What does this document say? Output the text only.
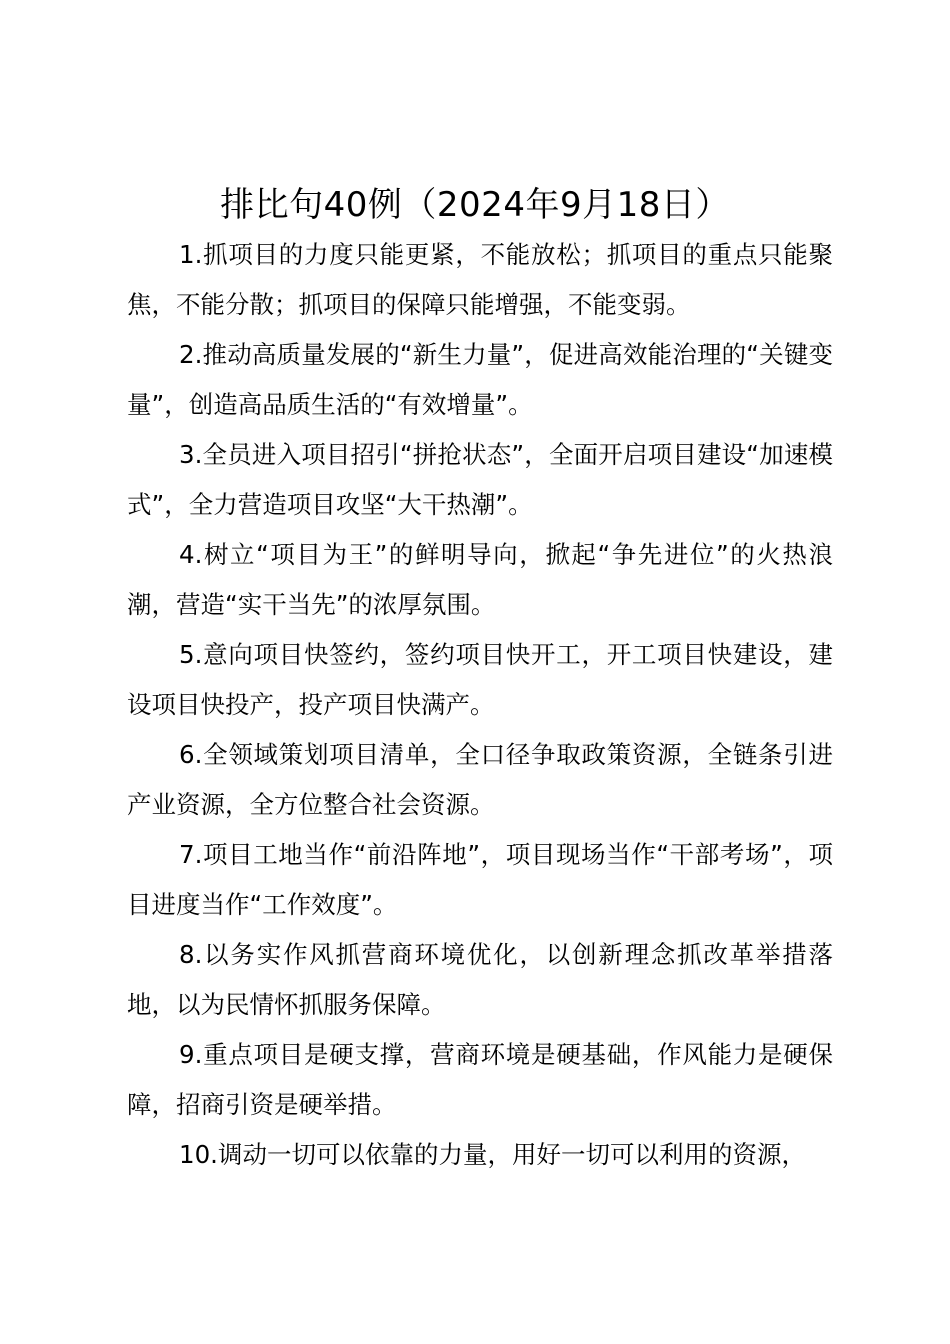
排比句40例（2024年9月18日）

1.抓项目的力度只能更紧，不能放松；抓项目的重点只能聚焦，不能分散；抓项目的保障只能增强，不能变弱。

2.推动高质量发展的“新生力量”，促进高效能治理的“关键变量”，创造高品质生活的“有效增量”。

3.全员进入项目招引“拼抢状态”，全面开启项目建设“加速模式”，全力营造项目攻坚“大干热潮”。

4.树立“项目为王”的鲜明导向，掀起“争先进位”的火热浪潮，营造“实干当先”的浓厚氛围。

5.意向项目快签约，签约项目快开工，开工项目快建设，建设项目快投产，投产项目快满产。

6.全领域策划项目清单，全口径争取政策资源，全链条引进产业资源，全方位整合社会资源。

7.项目工地当作“前沿阵地”，项目现场当作“干部考场”，项目进度当作“工作效度”。

8.以务实作风抓营商环境优化，以创新理念抓改革举措落地，以为民情怀抓服务保障。

9.重点项目是硬支撑，营商环境是硬基础，作风能力是硬保障，招商引资是硬举措。

10.调动一切可以依靠的力量，用好一切可以利用的资源，
